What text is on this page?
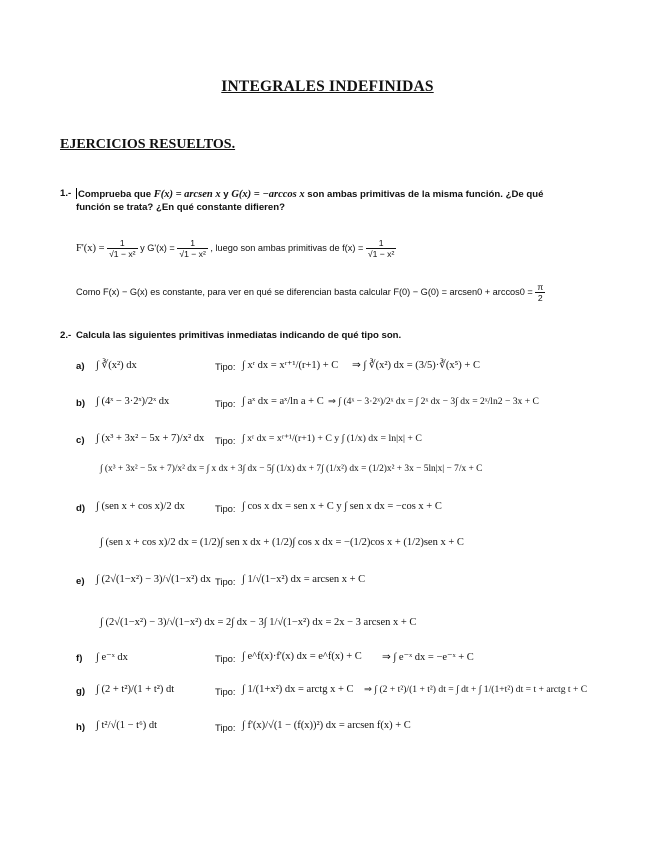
INTEGRALES INDEFINIDAS
EJERCICIOS RESUELTOS.
1.- Comprueba que F(x) = arcsen x y G(x) = −arccos x son ambas primitivas de la misma función. ¿De qué
función se trata? ¿En qué constante difieren?
$F'(x) = \frac{1}{\text{√1 − x²}}$ y $G'(x) = \frac{1}{\text{√1 − x²}}$ , luego son ambas primitivas de $f(x) = \frac{1}{\text{√1 − x²}}$
Como F(x) − G(x) es constante, para ver en qué se diferencian basta calcular F(0) − G(0) = arcsen0 + $\arccos 0 = \frac{\pi}{2}$
2.- Calcula las siguientes primitivas inmediatas indicando de qué tipo son.
a) ∫ ∛(x²) dx	Tipo: ∫ xʳ dx = xʳ⁺¹/(r+1) + C ⇒ ∫ ∛(x²) dx = (3/5)·∛(x⁵) + C
b) ∫ (4ˣ − 3·2ˣ)/2ˣ dx	Tipo: ∫ aˣ dx = aˣ/ln a + C ⇒ ∫ (4ˣ − 3·2ˣ)/2ˣ dx = ∫ 2ˣ dx − 3∫ dx = 2ˣ/ln2 − 3x + C
c) ∫ (x³ + 3x² − 5x + 7)/x² dx Tipo: ∫ xʳ dx = xʳ⁺¹/(r+1) + C y ∫ (1/x) dx = ln|x| + C
∫ (x³ + 3x² − 5x + 7)/x² dx = ∫ x dx + 3∫ dx − 5∫ (1/x) dx + 7∫ (1/x²) dx = (1/2)x² + 3x − 5ln|x| − 7/x + C
d) ∫ (sen x + cos x)/2 dx	Tipo: ∫ cos x dx = sen x + C y ∫ sen x dx = −cos x + C
∫ (sen x + cos x)/2 dx = (1/2)∫ sen x dx + (1/2)∫ cos x dx = −(1/2)cos x + (1/2)sen x + C
e) ∫ (2√(1−x²) − 3)/√(1−x²) dx Tipo: ∫ 1/√(1−x²) dx = arcsen x + C
∫ (2√(1−x²) − 3)/√(1−x²) dx = 2∫ dx − 3∫ 1/√(1−x²) dx = 2x − 3 arcsen x + C
f) ∫ e⁻ˣ dx	Tipo: ∫ e^f(x)·f'(x) dx = e^f(x) + C ⇒ ∫ e⁻ˣ dx = −e⁻ˣ + C
g) ∫ (2 + t²)/(1 + t²) dt	Tipo: ∫ 1/(1+x²) dx = arctg x + C ⇒ ∫ (2 + t²)/(1 + t²) dt = ∫ dt + ∫ 1/(1+t²) dt = t + arctg t + C
h) ∫ t²/√(1 − t⁶) dt	Tipo: ∫ f'(x)/√(1 − (f(x))²) dx = arcsen f(x) + C
